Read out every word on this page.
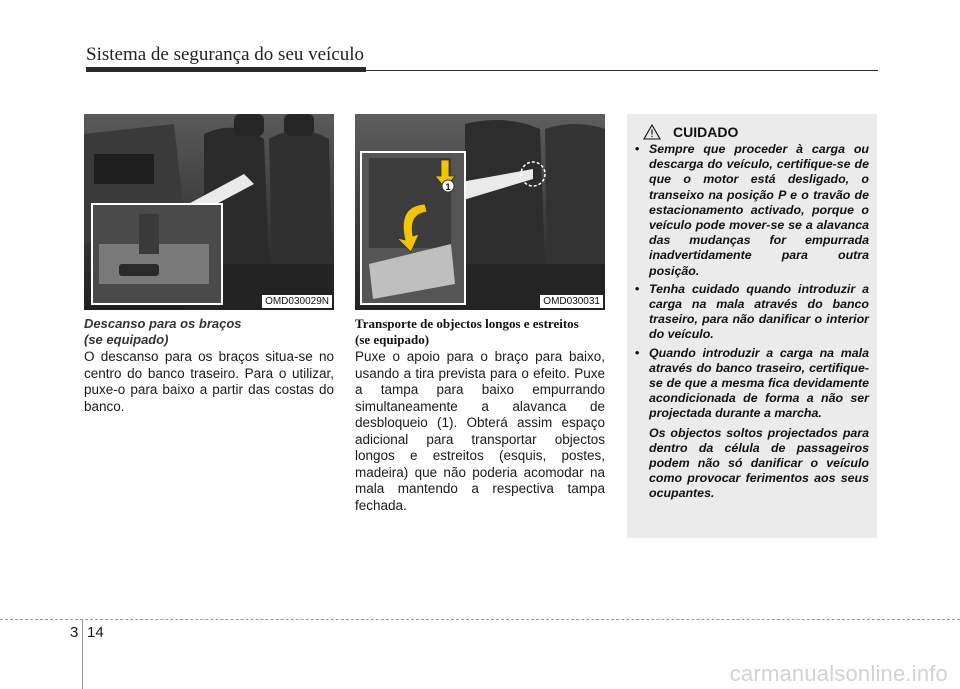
Sistema de segurança do seu veículo
OMD030029N
1
OMD030031
Descanso para os braços
(se equipado)
O descanso para os braços situa-se no centro do banco traseiro. Para o utilizar, puxe-o para baixo a partir das costas do banco.
Transporte de objectos longos e estreitos
(se equipado)
Puxe o apoio para o braço para baixo, usando a tira prevista para o efeito. Puxe a tampa para baixo empurrando simultaneamente a alavanca de desbloqueio (1). Obterá assim espaço adicional para transportar objectos longos e estreitos (esquis, postes, madeira) que não poderia acomodar na mala mantendo a respectiva tampa fechada.
CUIDADO
• Sempre que proceder à carga ou descarga do veículo, certifique-se de que o motor está desligado, o transeixo na posição P e o travão de estacionamento activado, porque o veículo pode mover-se se a alavanca das mudanças for empurrada inadvertidamente para outra posição.
• Tenha cuidado quando introduzir a carga na mala através do banco traseiro, para não danificar o interior do veículo.
• Quando introduzir a carga na mala através do banco traseiro, certifique-se de que a mesma fica devidamente acondicionada de forma a não ser projectada durante a marcha.
Os objectos soltos projectados para dentro da célula de passageiros podem não só danificar o veículo como provocar ferimentos aos seus ocupantes.
3 14
carmanualsonline.info
